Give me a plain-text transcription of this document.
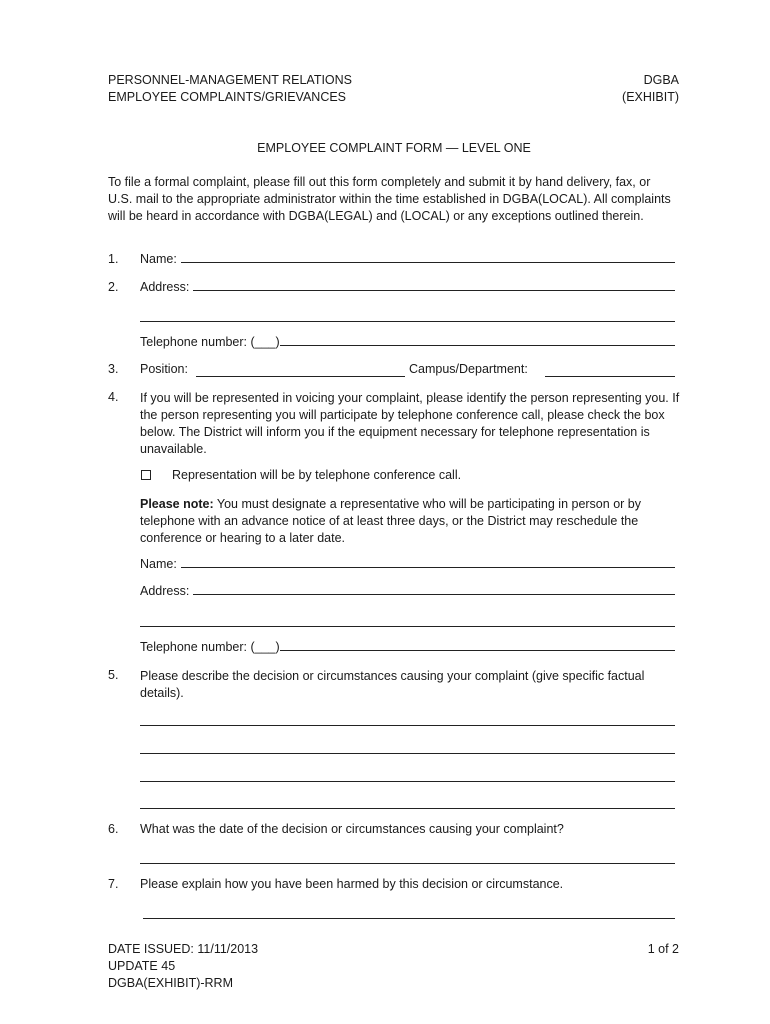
PERSONNEL-MANAGEMENT RELATIONS
EMPLOYEE COMPLAINTS/GRIEVANCES
DGBA
(EXHIBIT)
EMPLOYEE COMPLAINT FORM — LEVEL ONE
To file a formal complaint, please fill out this form completely and submit it by hand delivery, fax, or U.S. mail to the appropriate administrator within the time established in DGBA(LOCAL). All complaints will be heard in accordance with DGBA(LEGAL) and (LOCAL) or any exceptions outlined therein.
1. Name:
2. Address:
Telephone number: (___)
3. Position:	Campus/Department:
4. If you will be represented in voicing your complaint, please identify the person representing you. If the person representing you will participate by telephone conference call, please check the box below. The District will inform you if the equipment necessary for telephone representation is unavailable.
Representation will be by telephone conference call.
Please note: You must designate a representative who will be participating in person or by telephone with an advance notice of at least three days, or the District may reschedule the conference or hearing to a later date.
Name:
Address:
Telephone number: (___)
5. Please describe the decision or circumstances causing your complaint (give specific factual details).
6. What was the date of the decision or circumstances causing your complaint?
7. Please explain how you have been harmed by this decision or circumstance.
DATE ISSUED: 11/11/2013
UPDATE 45
DGBA(EXHIBIT)-RRM
1 of 2
